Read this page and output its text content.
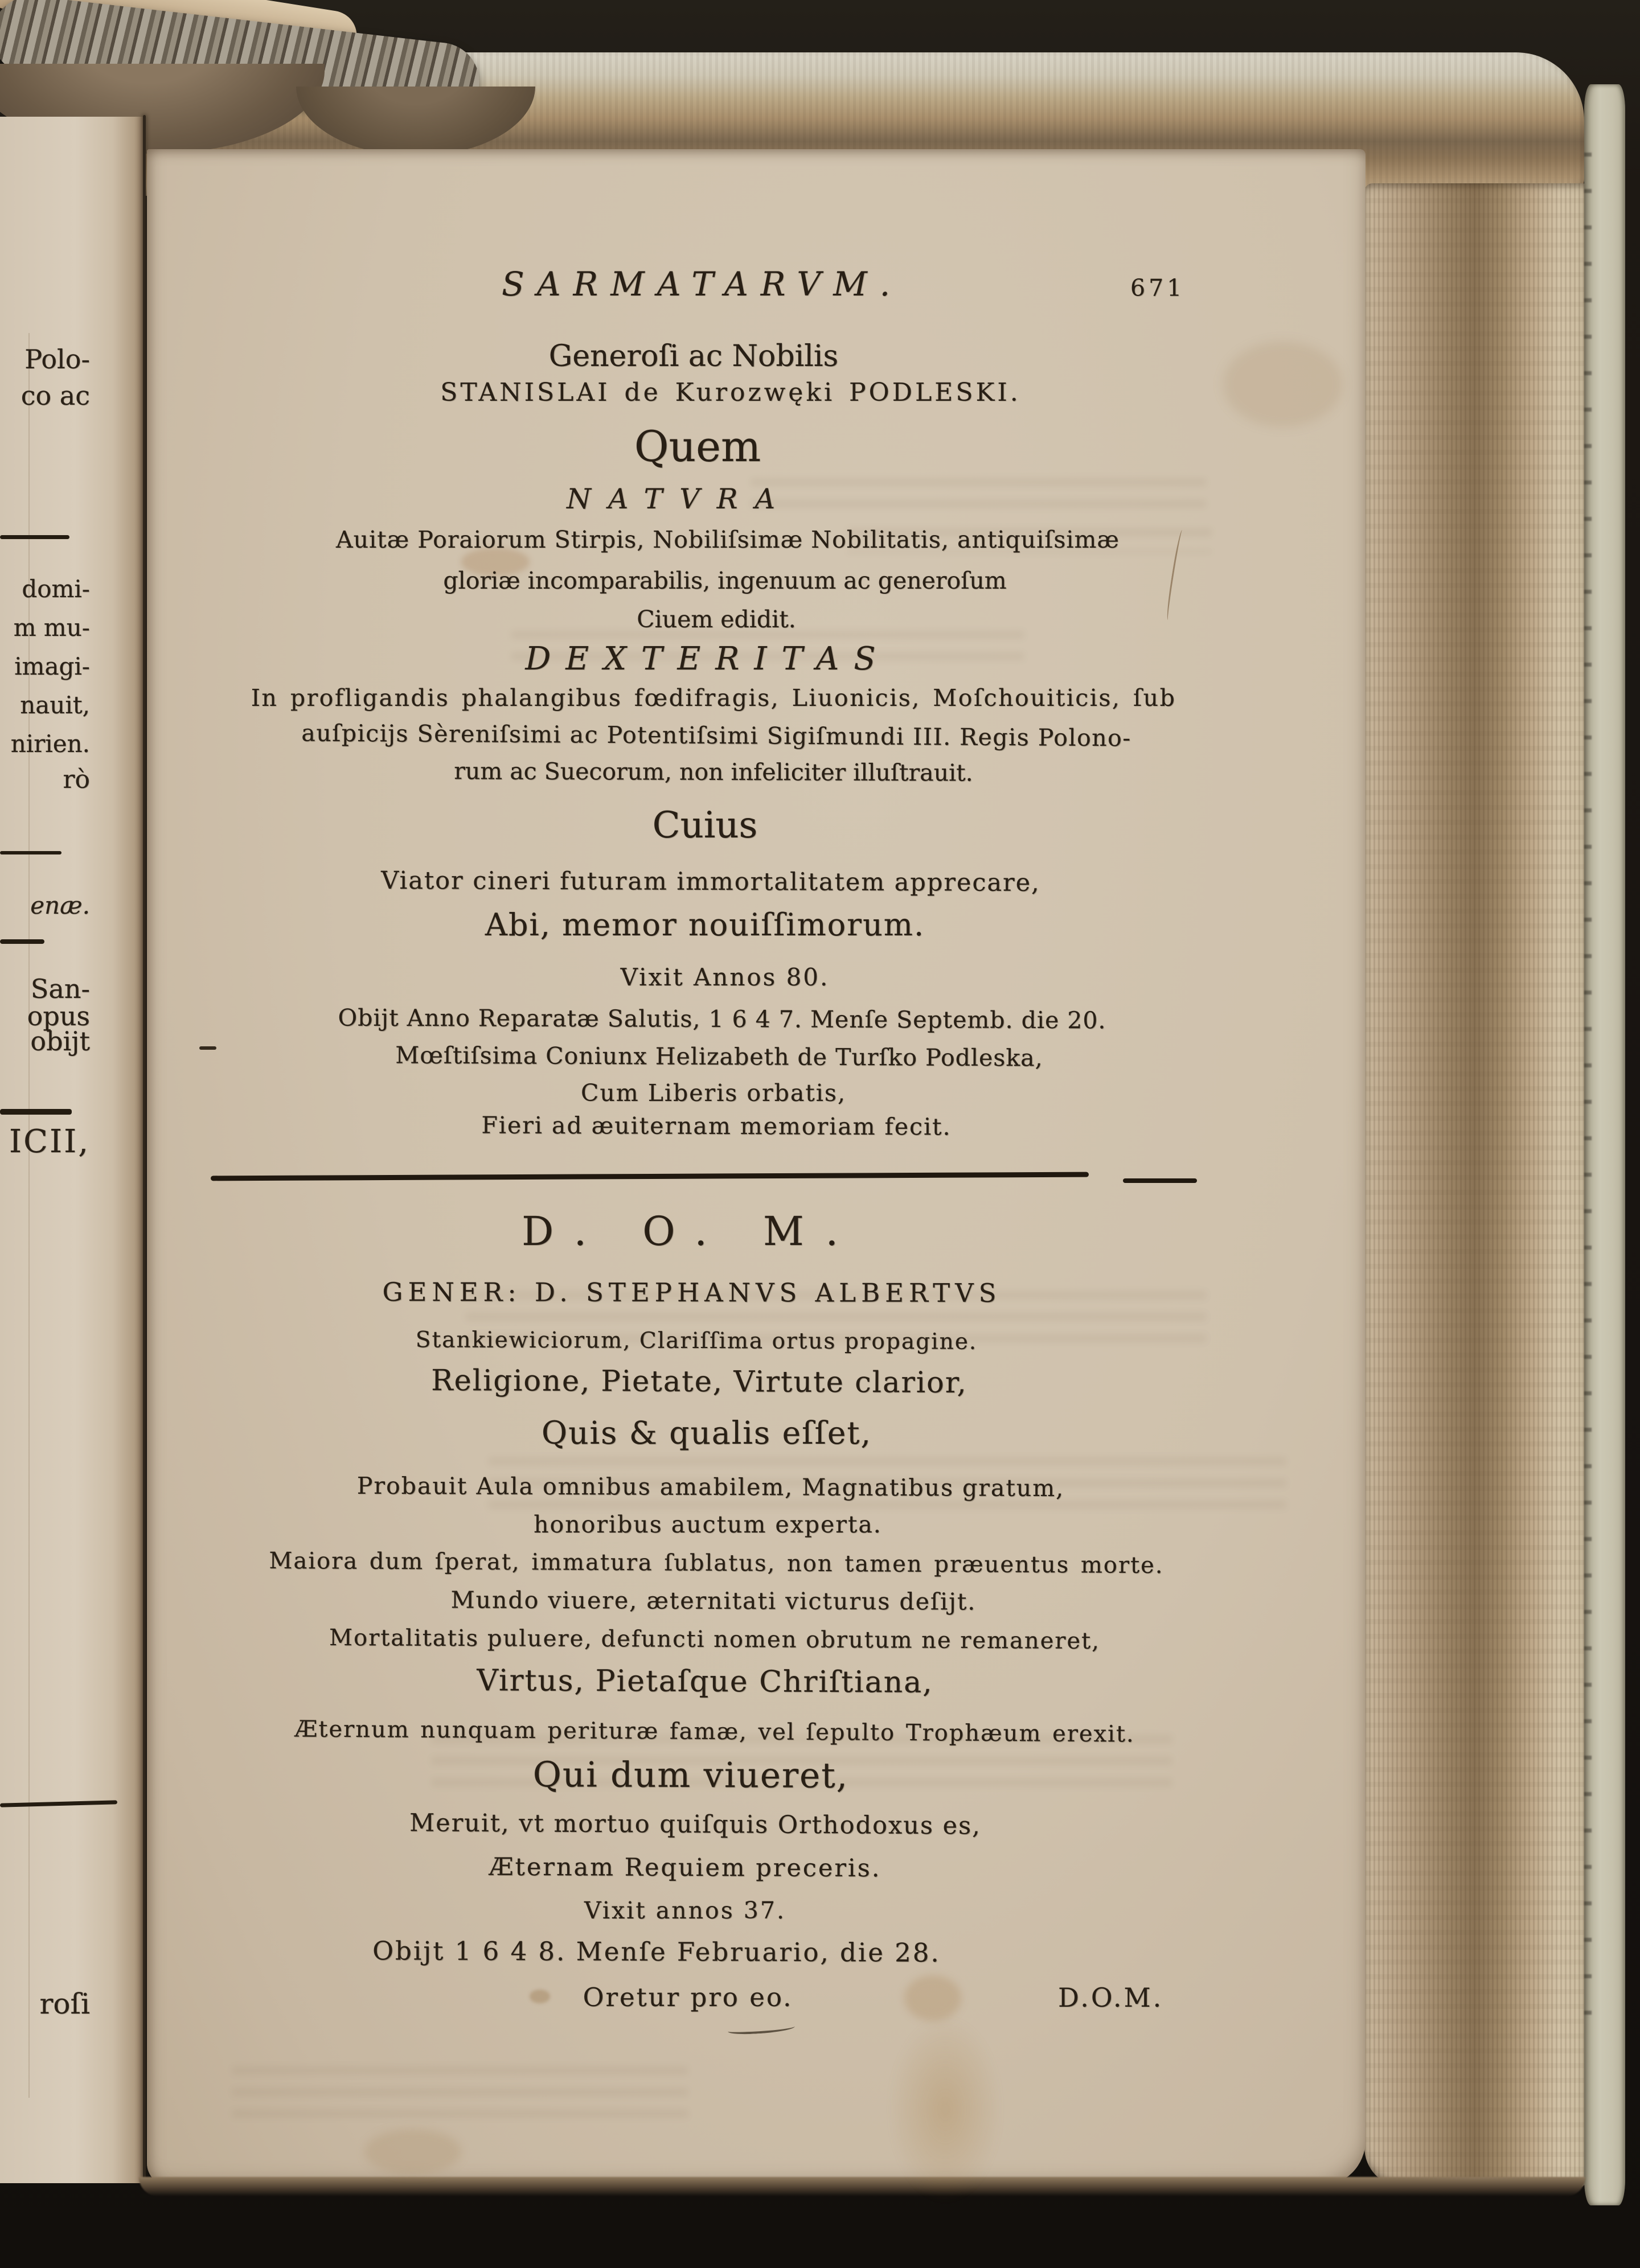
Polo-
co ac
domi-
m mu-
imagi-
nauit,
nirien.
rò
enæ.
San-
opus
obijt
ICII,
roſi
SARMATARVM.	671
Generoſi ac Nobilis
STANISLAI de Kurozwęki PODLESKI.
Quem
NATVRA
Auitæ Poraiorum Stirpis, Nobiliſsimæ Nobilitatis, antiquiſsimæ
gloriæ incomparabilis, ingenuum ac generoſum
Ciuem edidit.
DEXTERITAS
In profligandis phalangibus fœdifragis, Liuonicis, Moſchouiticis, ſub
auſpicijs Sèreniſsimi ac Potentiſsimi Sigiſmundi III. Regis Polono-
rum ac Suecorum, non infeliciter illuſtrauit.
Cuius
Viator cineri futuram immortalitatem apprecare,
Abi, memor nouiſſimorum.
Vixit Annos 80.
Obijt Anno Reparatæ Salutis, 1 6 4 7. Menſe Septemb. die 20.
Mœſtiſsima Coniunx Helizabeth de Turſko Podleska,
Cum Liberis orbatis,
Fieri ad æuiternam memoriam fecit.
D. O. M.
GENER: D. STEPHANVS ALBERTVS
Stankiewiciorum, Clariſſima ortus propagine.
Religione, Pietate, Virtute clarior,
Quis & qualis eſſet,
Probauit Aula omnibus amabilem, Magnatibus gratum,
honoribus auctum experta.
Maiora dum ſperat, immatura ſublatus, non tamen præuentus morte.
Mundo viuere, æternitati victurus deſijt.
Mortalitatis puluere, defuncti nomen obrutum ne remaneret,
Virtus, Pietaſque Chriſtiana,
Æternum nunquam perituræ famæ, vel ſepulto Trophæum erexit.
Qui dum viueret,
Meruit, vt mortuo quiſquis Orthodoxus es,
Æternam Requiem preceris.
Vixit annos 37.
Obijt 1 6 4 8. Menſe Februario, die 28.
Oretur pro eo.	D.O.M.
